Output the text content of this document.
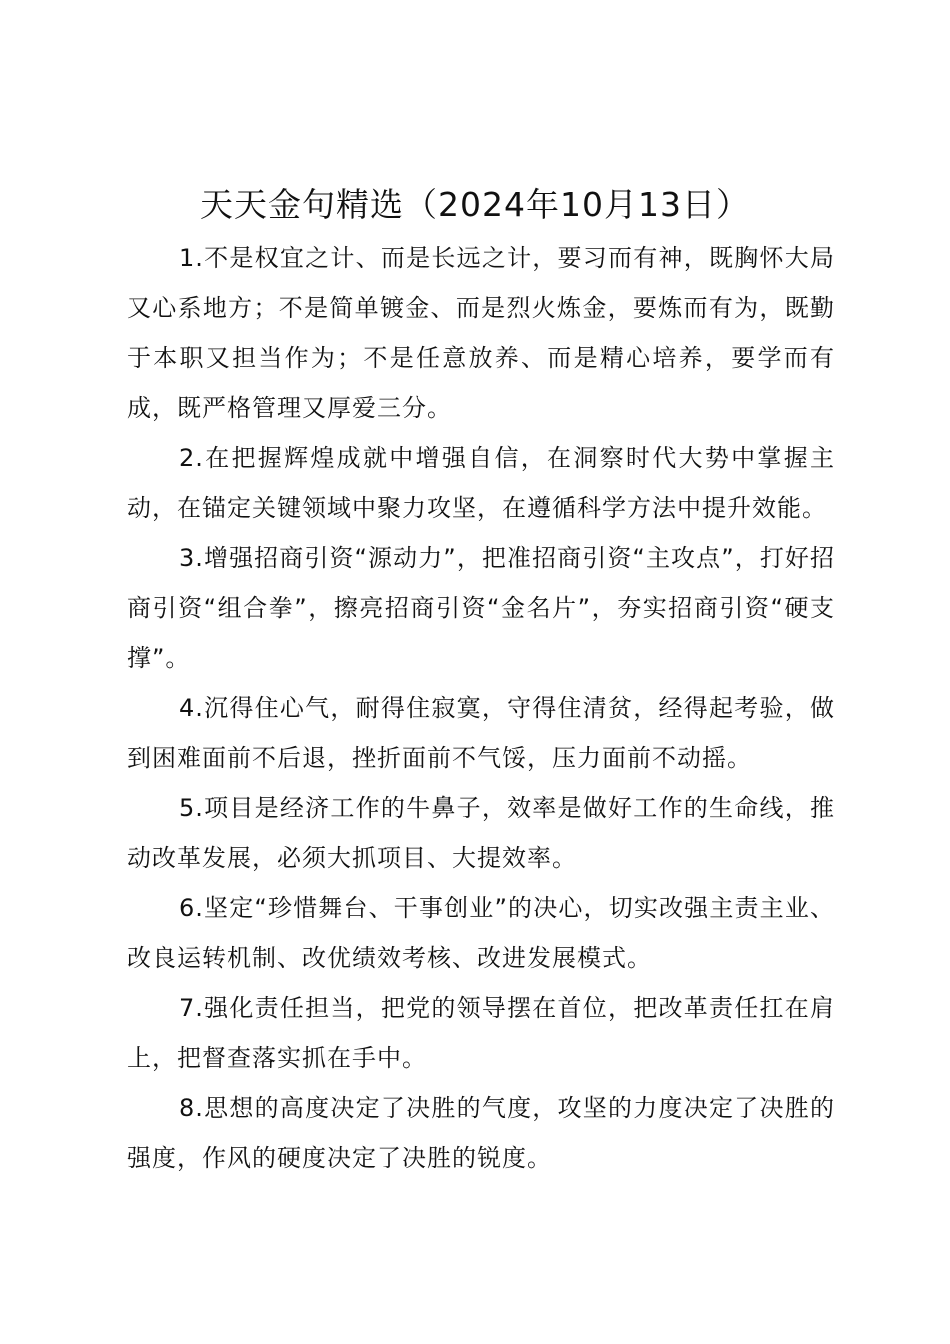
天天金句精选（2024年10月13日）

1.不是权宜之计、而是长远之计，要习而有神，既胸怀大局又心系地方；不是简单镀金、而是烈火炼金，要炼而有为，既勤于本职又担当作为；不是任意放养、而是精心培养，要学而有成，既严格管理又厚爱三分。

2.在把握辉煌成就中增强自信，在洞察时代大势中掌握主动，在锚定关键领域中聚力攻坚，在遵循科学方法中提升效能。

3.增强招商引资“源动力”，把准招商引资“主攻点”，打好招商引资“组合拳”，擦亮招商引资“金名片”，夯实招商引资“硬支撑”。

4.沉得住心气，耐得住寂寞，守得住清贫，经得起考验，做到困难面前不后退，挫折面前不气馁，压力面前不动摇。

5.项目是经济工作的牛鼻子，效率是做好工作的生命线，推动改革发展，必须大抓项目、大提效率。

6.坚定“珍惜舞台、干事创业”的决心，切实改强主责主业、改良运转机制、改优绩效考核、改进发展模式。

7.强化责任担当，把党的领导摆在首位，把改革责任扛在肩上，把督查落实抓在手中。

8.思想的高度决定了决胜的气度，攻坚的力度决定了决胜的强度，作风的硬度决定了决胜的锐度。
